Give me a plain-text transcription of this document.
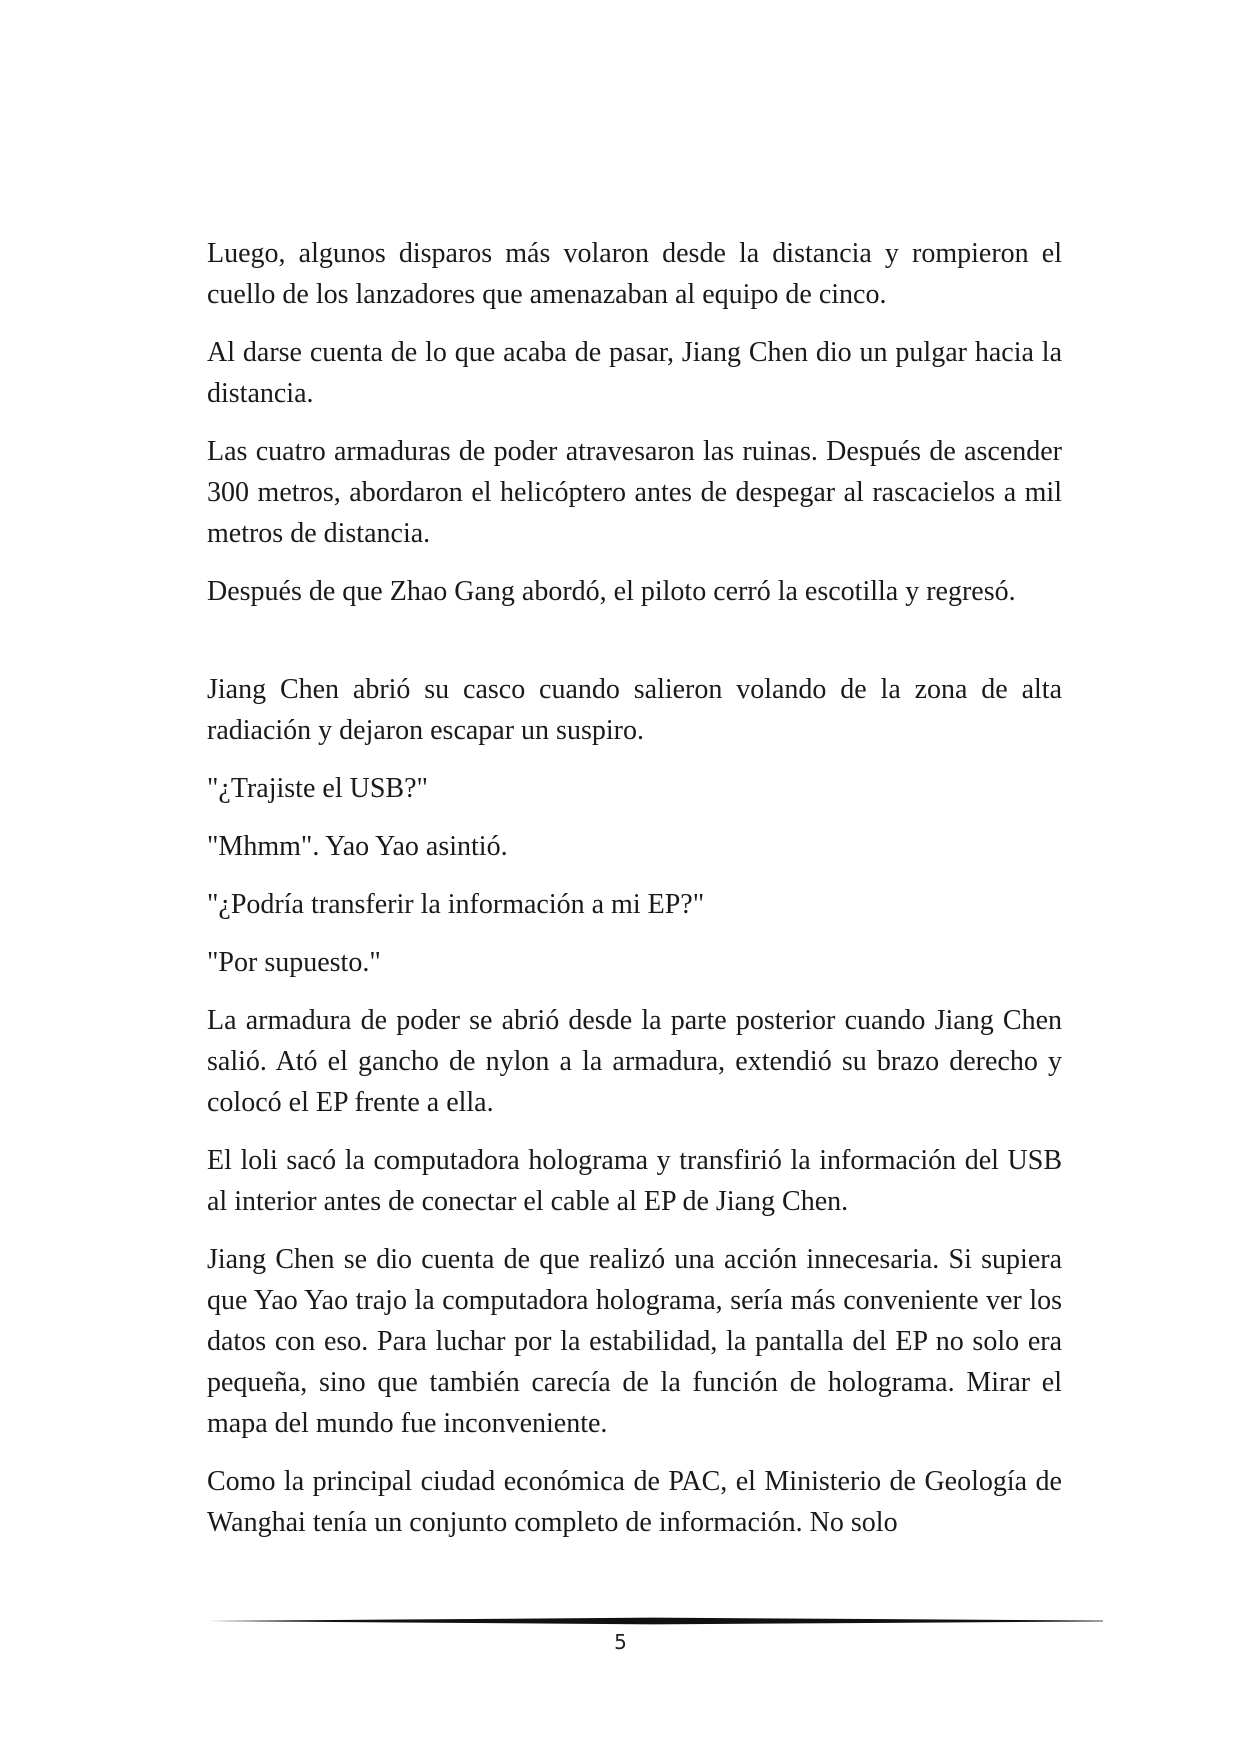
Luego, algunos disparos más volaron desde la distancia y rompieron el cuello de los lanzadores que amenazaban al equipo de cinco.

Al darse cuenta de lo que acaba de pasar, Jiang Chen dio un pulgar hacia la distancia.

Las cuatro armaduras de poder atravesaron las ruinas. Después de ascender 300 metros, abordaron el helicóptero antes de despegar al rascacielos a mil metros de distancia.

Después de que Zhao Gang abordó, el piloto cerró la escotilla y regresó.

Jiang Chen abrió su casco cuando salieron volando de la zona de alta radiación y dejaron escapar un suspiro.

"¿Trajiste el USB?"

"Mhmm". Yao Yao asintió.

"¿Podría transferir la información a mi EP?"

"Por supuesto."

La armadura de poder se abrió desde la parte posterior cuando Jiang Chen salió. Ató el gancho de nylon a la armadura, extendió su brazo derecho y colocó el EP frente a ella.

El loli sacó la computadora holograma y transfirió la información del USB al interior antes de conectar el cable al EP de Jiang Chen.

Jiang Chen se dio cuenta de que realizó una acción innecesaria. Si supiera que Yao Yao trajo la computadora holograma, sería más conveniente ver los datos con eso. Para luchar por la estabilidad, la pantalla del EP no solo era pequeña, sino que también carecía de la función de holograma. Mirar el mapa del mundo fue inconveniente.

Como la principal ciudad económica de PAC, el Ministerio de Geología de Wanghai tenía un conjunto completo de información. No solo

5
